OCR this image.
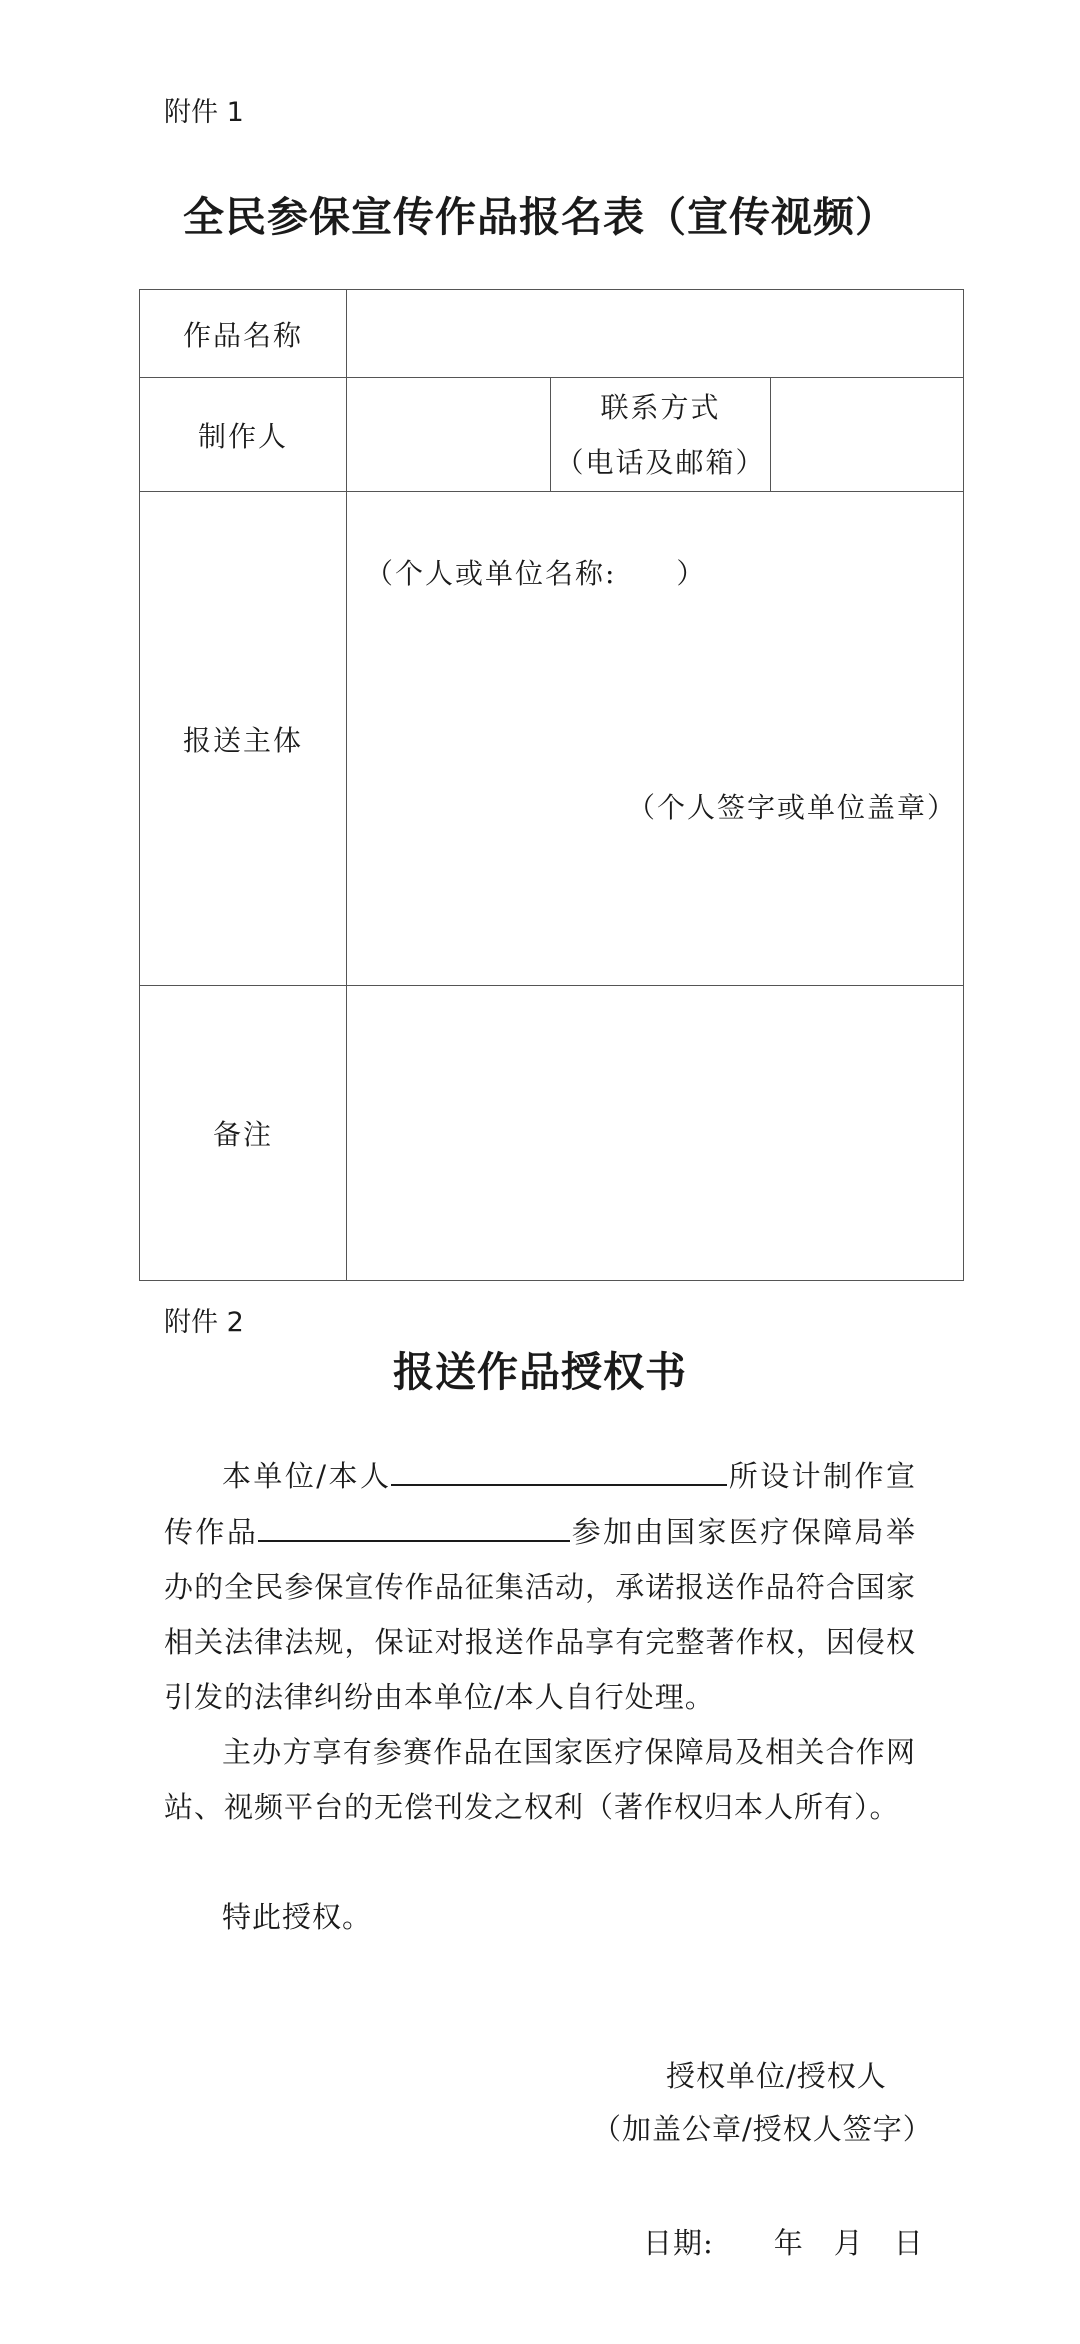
附件 1
全民参保宣传作品报名表（宣传视频）
作品名称			
制作人		联系方式
（电话及邮箱）	

报送主体	（个人或单位名称:　　）
（个人签字或单位盖章）		

备注			
附件 2
报送作品授权书

本单位/本人	所设计制作宣传作品	参加由国家医疗保障局举办的全民参保宣传作品征集活动，承诺报送作品符合国家相关法律法规，保证对报送作品享有完整著作权，因侵权引发的法律纠纷由本单位/本人自行处理。

主办方享有参赛作品在国家医疗保障局及相关合作网站、视频平台的无偿刊发之权利（著作权归本人所有）。

特此授权。

授权单位/授权人
（加盖公章/授权人签字）
日期:　　年　月　日
